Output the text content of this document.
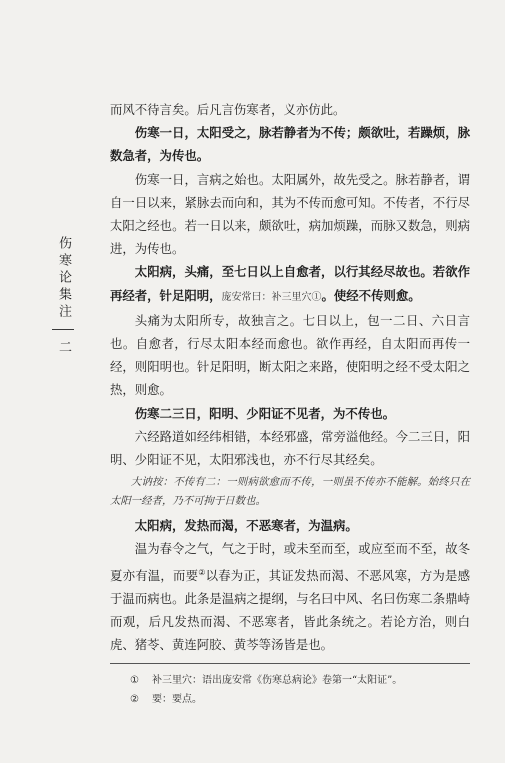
伤寒论集注
二

而风不待言矣。后凡言伤寒者，义亦仿此。

伤寒一日，太阳受之，脉若静者为不传；颇欲吐，若躁烦，脉数急者，为传也。

伤寒一日，言病之始也。太阳属外，故先受之。脉若静者，谓自一日以来，紧脉去而向和，其为不传而愈可知。不传者，不行尽太阳之经也。若一日以来，颇欲吐，病加烦躁，而脉又数急，则病进，为传也。

太阳病，头痛，至七日以上自愈者，以行其经尽故也。若欲作再经者，针足阳明，庞安常曰：补三里穴①。使经不传则愈。

头痛为太阳所专，故独言之。七日以上，包一二日、六日言也。自愈者，行尽太阳本经而愈也。欲作再经，自太阳而再传一经，则阳明也。针足阳明，断太阳之来路，使阳明之经不受太阳之热，则愈。

伤寒二三日，阳明、少阳证不见者，为不传也。

六经路道如经纬相错，本经邪盛，常旁溢他经。今二三日，阳明、少阳证不见，太阳邪浅也，亦不行尽其经矣。

大讷按：不传有二：一则病欲愈而不传，一则虽不传亦不能解。始终只在太阳一经者，乃不可拘于日数也。

太阳病，发热而渴，不恶寒者，为温病。

温为春令之气，气之于时，或未至而至，或应至而不至，故冬夏亦有温，而要②以春为正，其证发热而渴、不恶风寒，方为是感于温而病也。此条是温病之提纲，与名曰中风、名曰伤寒二条鼎峙而观，后凡发热而渴、不恶寒者，皆此条统之。若论方治，则白虎、猪苓、黄连阿胶、黄芩等汤皆是也。

①	补三里穴：语出庞安常《伤寒总病论》卷第一“太阳证”。
②	要：要点。
